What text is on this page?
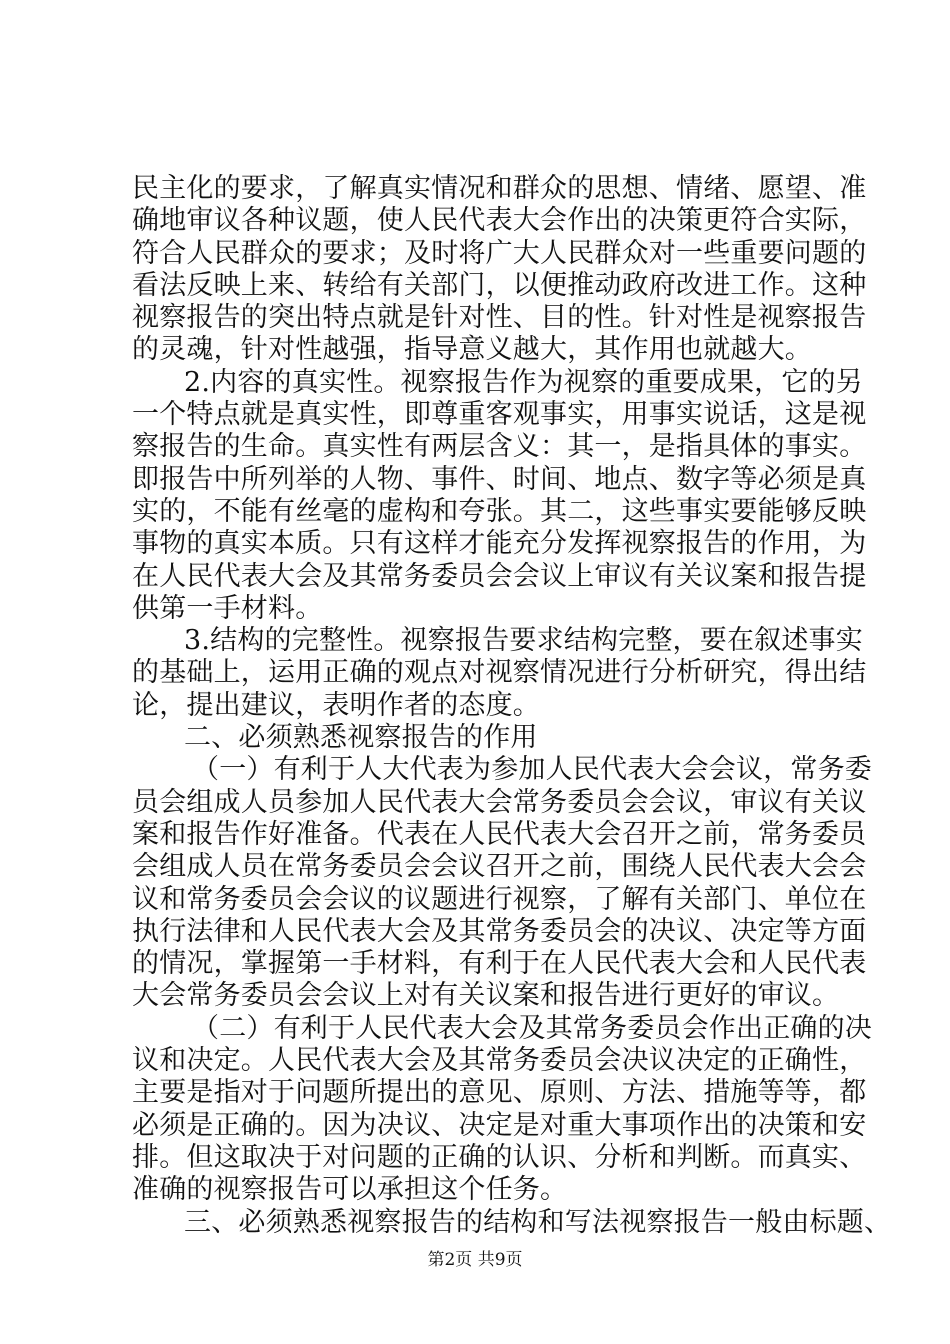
民主化的要求，了解真实情况和群众的思想、情绪、愿望、准
确地审议各种议题，使人民代表大会作出的决策更符合实际，
符合人民群众的要求；及时将广大人民群众对一些重要问题的
看法反映上来、转给有关部门，以便推动政府改进工作。这种
视察报告的突出特点就是针对性、目的性。针对性是视察报告
的灵魂，针对性越强，指导意义越大，其作用也就越大。
2.内容的真实性。视察报告作为视察的重要成果，它的另
一个特点就是真实性，即尊重客观事实，用事实说话，这是视
察报告的生命。真实性有两层含义：其一，是指具体的事实。
即报告中所列举的人物、事件、时间、地点、数字等必须是真
实的，不能有丝毫的虚构和夸张。其二，这些事实要能够反映
事物的真实本质。只有这样才能充分发挥视察报告的作用，为
在人民代表大会及其常务委员会会议上审议有关议案和报告提
供第一手材料。
3.结构的完整性。视察报告要求结构完整，要在叙述事实
的基础上，运用正确的观点对视察情况进行分析研究，得出结
论，提出建议，表明作者的态度。
二、必须熟悉视察报告的作用
（一）有利于人大代表为参加人民代表大会会议，常务委
员会组成人员参加人民代表大会常务委员会会议，审议有关议
案和报告作好准备。代表在人民代表大会召开之前，常务委员
会组成人员在常务委员会会议召开之前，围绕人民代表大会会
议和常务委员会会议的议题进行视察，了解有关部门、单位在
执行法律和人民代表大会及其常务委员会的决议、决定等方面
的情况，掌握第一手材料，有利于在人民代表大会和人民代表
大会常务委员会会议上对有关议案和报告进行更好的审议。
（二）有利于人民代表大会及其常务委员会作出正确的决
议和决定。人民代表大会及其常务委员会决议决定的正确性，
主要是指对于问题所提出的意见、原则、方法、措施等等，都
必须是正确的。因为决议、决定是对重大事项作出的决策和安
排。但这取决于对问题的正确的认识、分析和判断。而真实、
准确的视察报告可以承担这个任务。
三、必须熟悉视察报告的结构和写法视察报告一般由标题、
第2页 共9页
